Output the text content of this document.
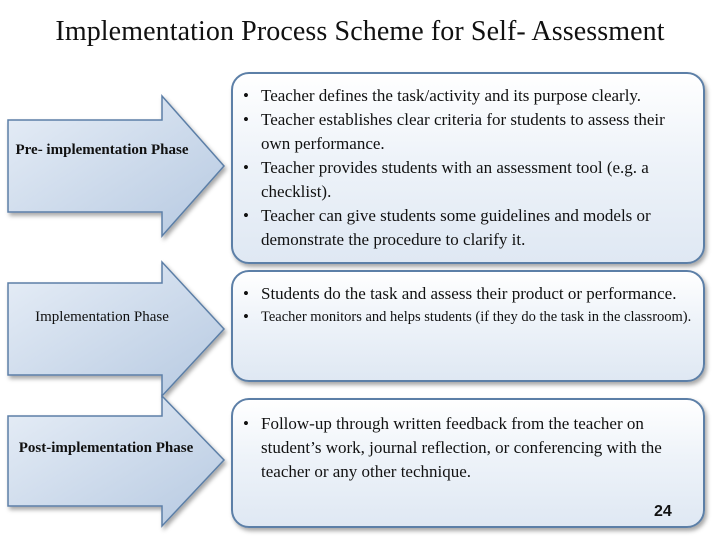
Implementation Process Scheme for Self- Assessment
Pre- implementation Phase
Implementation Phase
Post-implementation Phase
• Teacher defines the task/activity and its purpose clearly.
• Teacher establishes clear criteria for students to assess their own performance.
• Teacher provides students with an assessment tool (e.g. a checklist).
• Teacher can give students some guidelines and models or demonstrate the procedure to clarify it.
• Students do the task and assess their product or performance.
• Teacher monitors and helps students (if they do the task in the classroom).
• Follow-up through written feedback from the teacher on student’s work, journal reflection, or conferencing with the teacher or any other technique.
24
